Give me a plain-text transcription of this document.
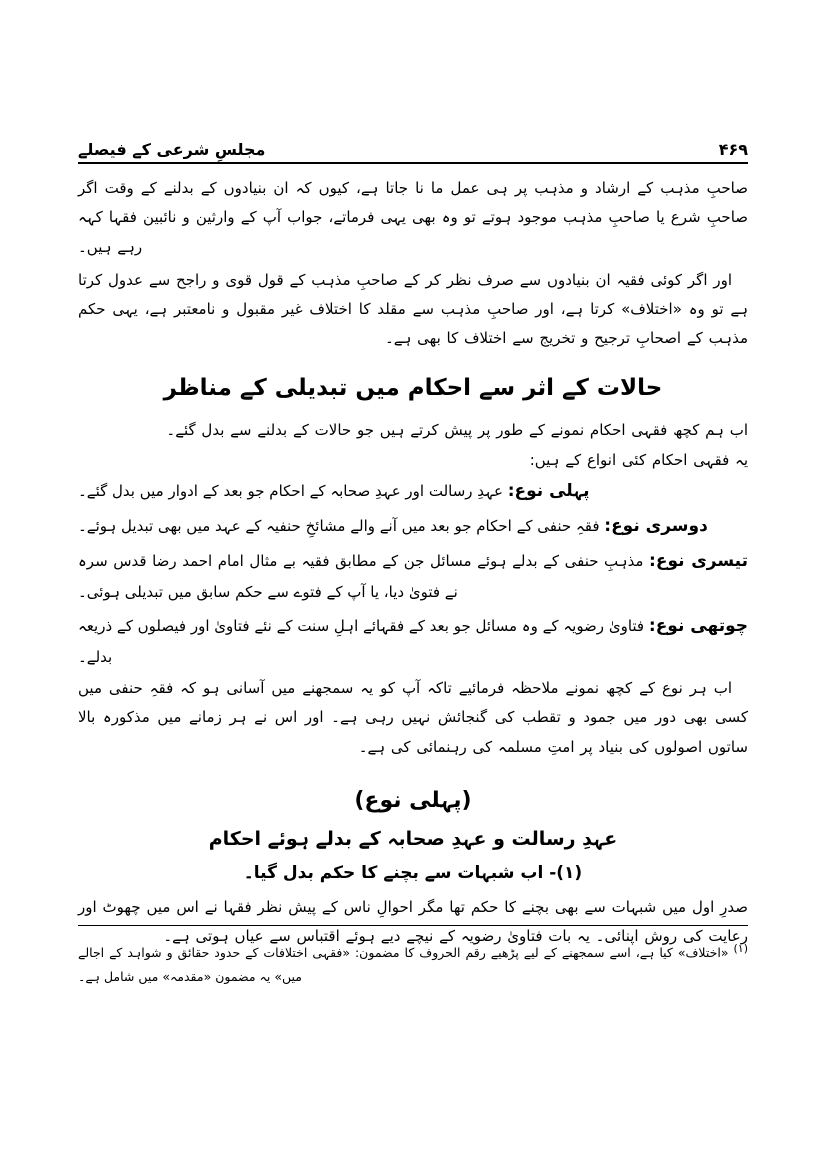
مجلسِ شرعی کے فیصلے	۴۶۹

صاحبِ مذہب کے ارشاد و مذہب پر ہی عمل ما نا جاتا ہے، کیوں کہ ان بنیادوں کے بدلنے کے وقت اگر صاحبِ شرع یا صاحبِ مذہب موجود ہوتے تو وہ بھی یہی فرماتے، جواب آپ کے وارثین و نائبین فقہا کہہ رہے ہیں۔

اور اگر کوئی فقیہ ان بنیادوں سے صرف نظر کر کے صاحبِ مذہب کے قول قوی و راجح سے عدول کرتا ہے تو وہ «اختلاف» کرتا ہے، اور صاحبِ مذہب سے مقلد کا اختلاف غیر مقبول و نامعتبر ہے، یہی حکم مذہب کے اصحابِ ترجیح و تخریج سے اختلاف کا بھی ہے۔

حالات کے اثر سے احکام میں تبدیلی کے مناظر

اب ہم کچھ فقہی احکام نمونے کے طور پر پیش کرتے ہیں جو حالات کے بدلنے سے بدل گئے۔

یہ فقہی احکام کئی انواع کے ہیں:

پہلی نوع: عہدِ رسالت اور عہدِ صحابہ کے احکام جو بعد کے ادوار میں بدل گئے۔

دوسری نوع: فقہِ حنفی کے احکام جو بعد میں آنے والے مشائخِ حنفیہ کے عہد میں بھی تبدیل ہوئے۔

تیسری نوع: مذہبِ حنفی کے بدلے ہوئے مسائل جن کے مطابق فقیہ بے مثال امام احمد رضا قدس سرہ نے فتویٰ دیا، یا آپ کے فتوے سے حکم سابق میں تبدیلی ہوئی۔

چوتھی نوع: فتاویٰ رضویہ کے وہ مسائل جو بعد کے فقہائے اہلِ سنت کے نئے فتاویٰ اور فیصلوں کے ذریعہ بدلے۔

اب ہر نوع کے کچھ نمونے ملاحظہ فرمائیے تاکہ آپ کو یہ سمجھنے میں آسانی ہو کہ فقہِ حنفی میں کسی بھی دور میں جمود و تقطب کی گنجائش نہیں رہی ہے۔ اور اس نے ہر زمانے میں مذکورہ بالا ساتوں اصولوں کی بنیاد پر امتِ مسلمہ کی رہنمائی کی ہے۔

(پہلی نوع)
عہدِ رسالت و عہدِ صحابہ کے بدلے ہوئے احکام
(۱)- اب شبہات سے بچنے کا حکم بدل گیا۔

صدرِ اول میں شبہات سے بھی بچنے کا حکم تھا مگر احوالِ ناس کے پیش نظر فقہا نے اس میں چھوٹ اور رعایت کی روش اپنائی۔ یہ بات فتاویٰ رضویہ کے نیچے دیے ہوئے اقتباس سے عیاں ہوتی ہے۔

(۱) «اختلاف» کیا ہے، اسے سمجھنے کے لیے پڑھیے رقم الحروف کا مضمون: «فقہی اختلافات کے حدود حقائق و شواہد کے اجالے میں» یہ مضمون «مقدمہ» میں شامل ہے۔
